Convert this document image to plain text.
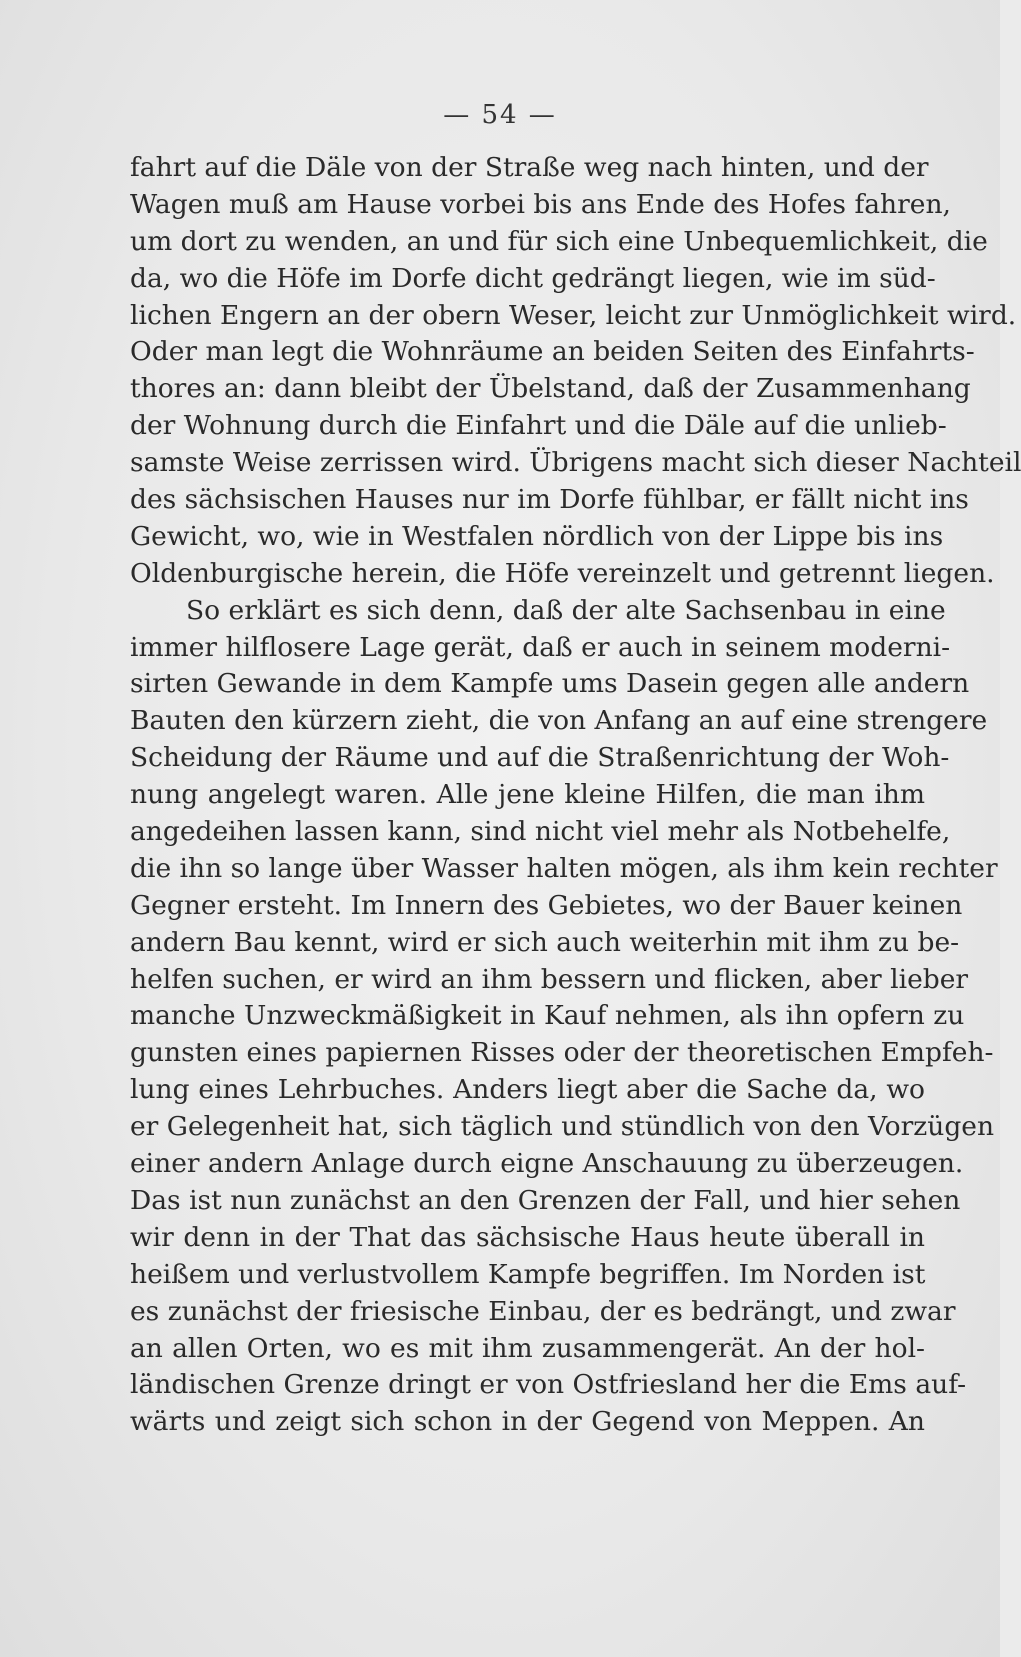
— 54 —
fahrt auf die Däle von der Straße weg nach hinten, und der
Wagen muß am Hause vorbei bis ans Ende des Hofes fahren,
um dort zu wenden, an und für sich eine Unbequemlichkeit, die
da, wo die Höfe im Dorfe dicht gedrängt liegen, wie im süd-
lichen Engern an der obern Weser, leicht zur Unmöglichkeit wird.
Oder man legt die Wohnräume an beiden Seiten des Einfahrts-
thores an: dann bleibt der Übelstand, daß der Zusammenhang
der Wohnung durch die Einfahrt und die Däle auf die unlieb-
samste Weise zerrissen wird. Übrigens macht sich dieser Nachteil
des sächsischen Hauses nur im Dorfe fühlbar, er fällt nicht ins
Gewicht, wo, wie in Westfalen nördlich von der Lippe bis ins
Oldenburgische herein, die Höfe vereinzelt und getrennt liegen.
So erklärt es sich denn, daß der alte Sachsenbau in eine
immer hilflosere Lage gerät, daß er auch in seinem moderni-
sirten Gewande in dem Kampfe ums Dasein gegen alle andern
Bauten den kürzern zieht, die von Anfang an auf eine strengere
Scheidung der Räume und auf die Straßenrichtung der Woh-
nung angelegt waren. Alle jene kleine Hilfen, die man ihm
angedeihen lassen kann, sind nicht viel mehr als Notbehelfe,
die ihn so lange über Wasser halten mögen, als ihm kein rechter
Gegner ersteht. Im Innern des Gebietes, wo der Bauer keinen
andern Bau kennt, wird er sich auch weiterhin mit ihm zu be-
helfen suchen, er wird an ihm bessern und flicken, aber lieber
manche Unzweckmäßigkeit in Kauf nehmen, als ihn opfern zu
gunsten eines papiernen Risses oder der theoretischen Empfeh-
lung eines Lehrbuches. Anders liegt aber die Sache da, wo
er Gelegenheit hat, sich täglich und stündlich von den Vorzügen
einer andern Anlage durch eigne Anschauung zu überzeugen.
Das ist nun zunächst an den Grenzen der Fall, und hier sehen
wir denn in der That das sächsische Haus heute überall in
heißem und verlustvollem Kampfe begriffen. Im Norden ist
es zunächst der friesische Einbau, der es bedrängt, und zwar
an allen Orten, wo es mit ihm zusammengerät. An der hol-
ländischen Grenze dringt er von Ostfriesland her die Ems auf-
wärts und zeigt sich schon in der Gegend von Meppen. An
